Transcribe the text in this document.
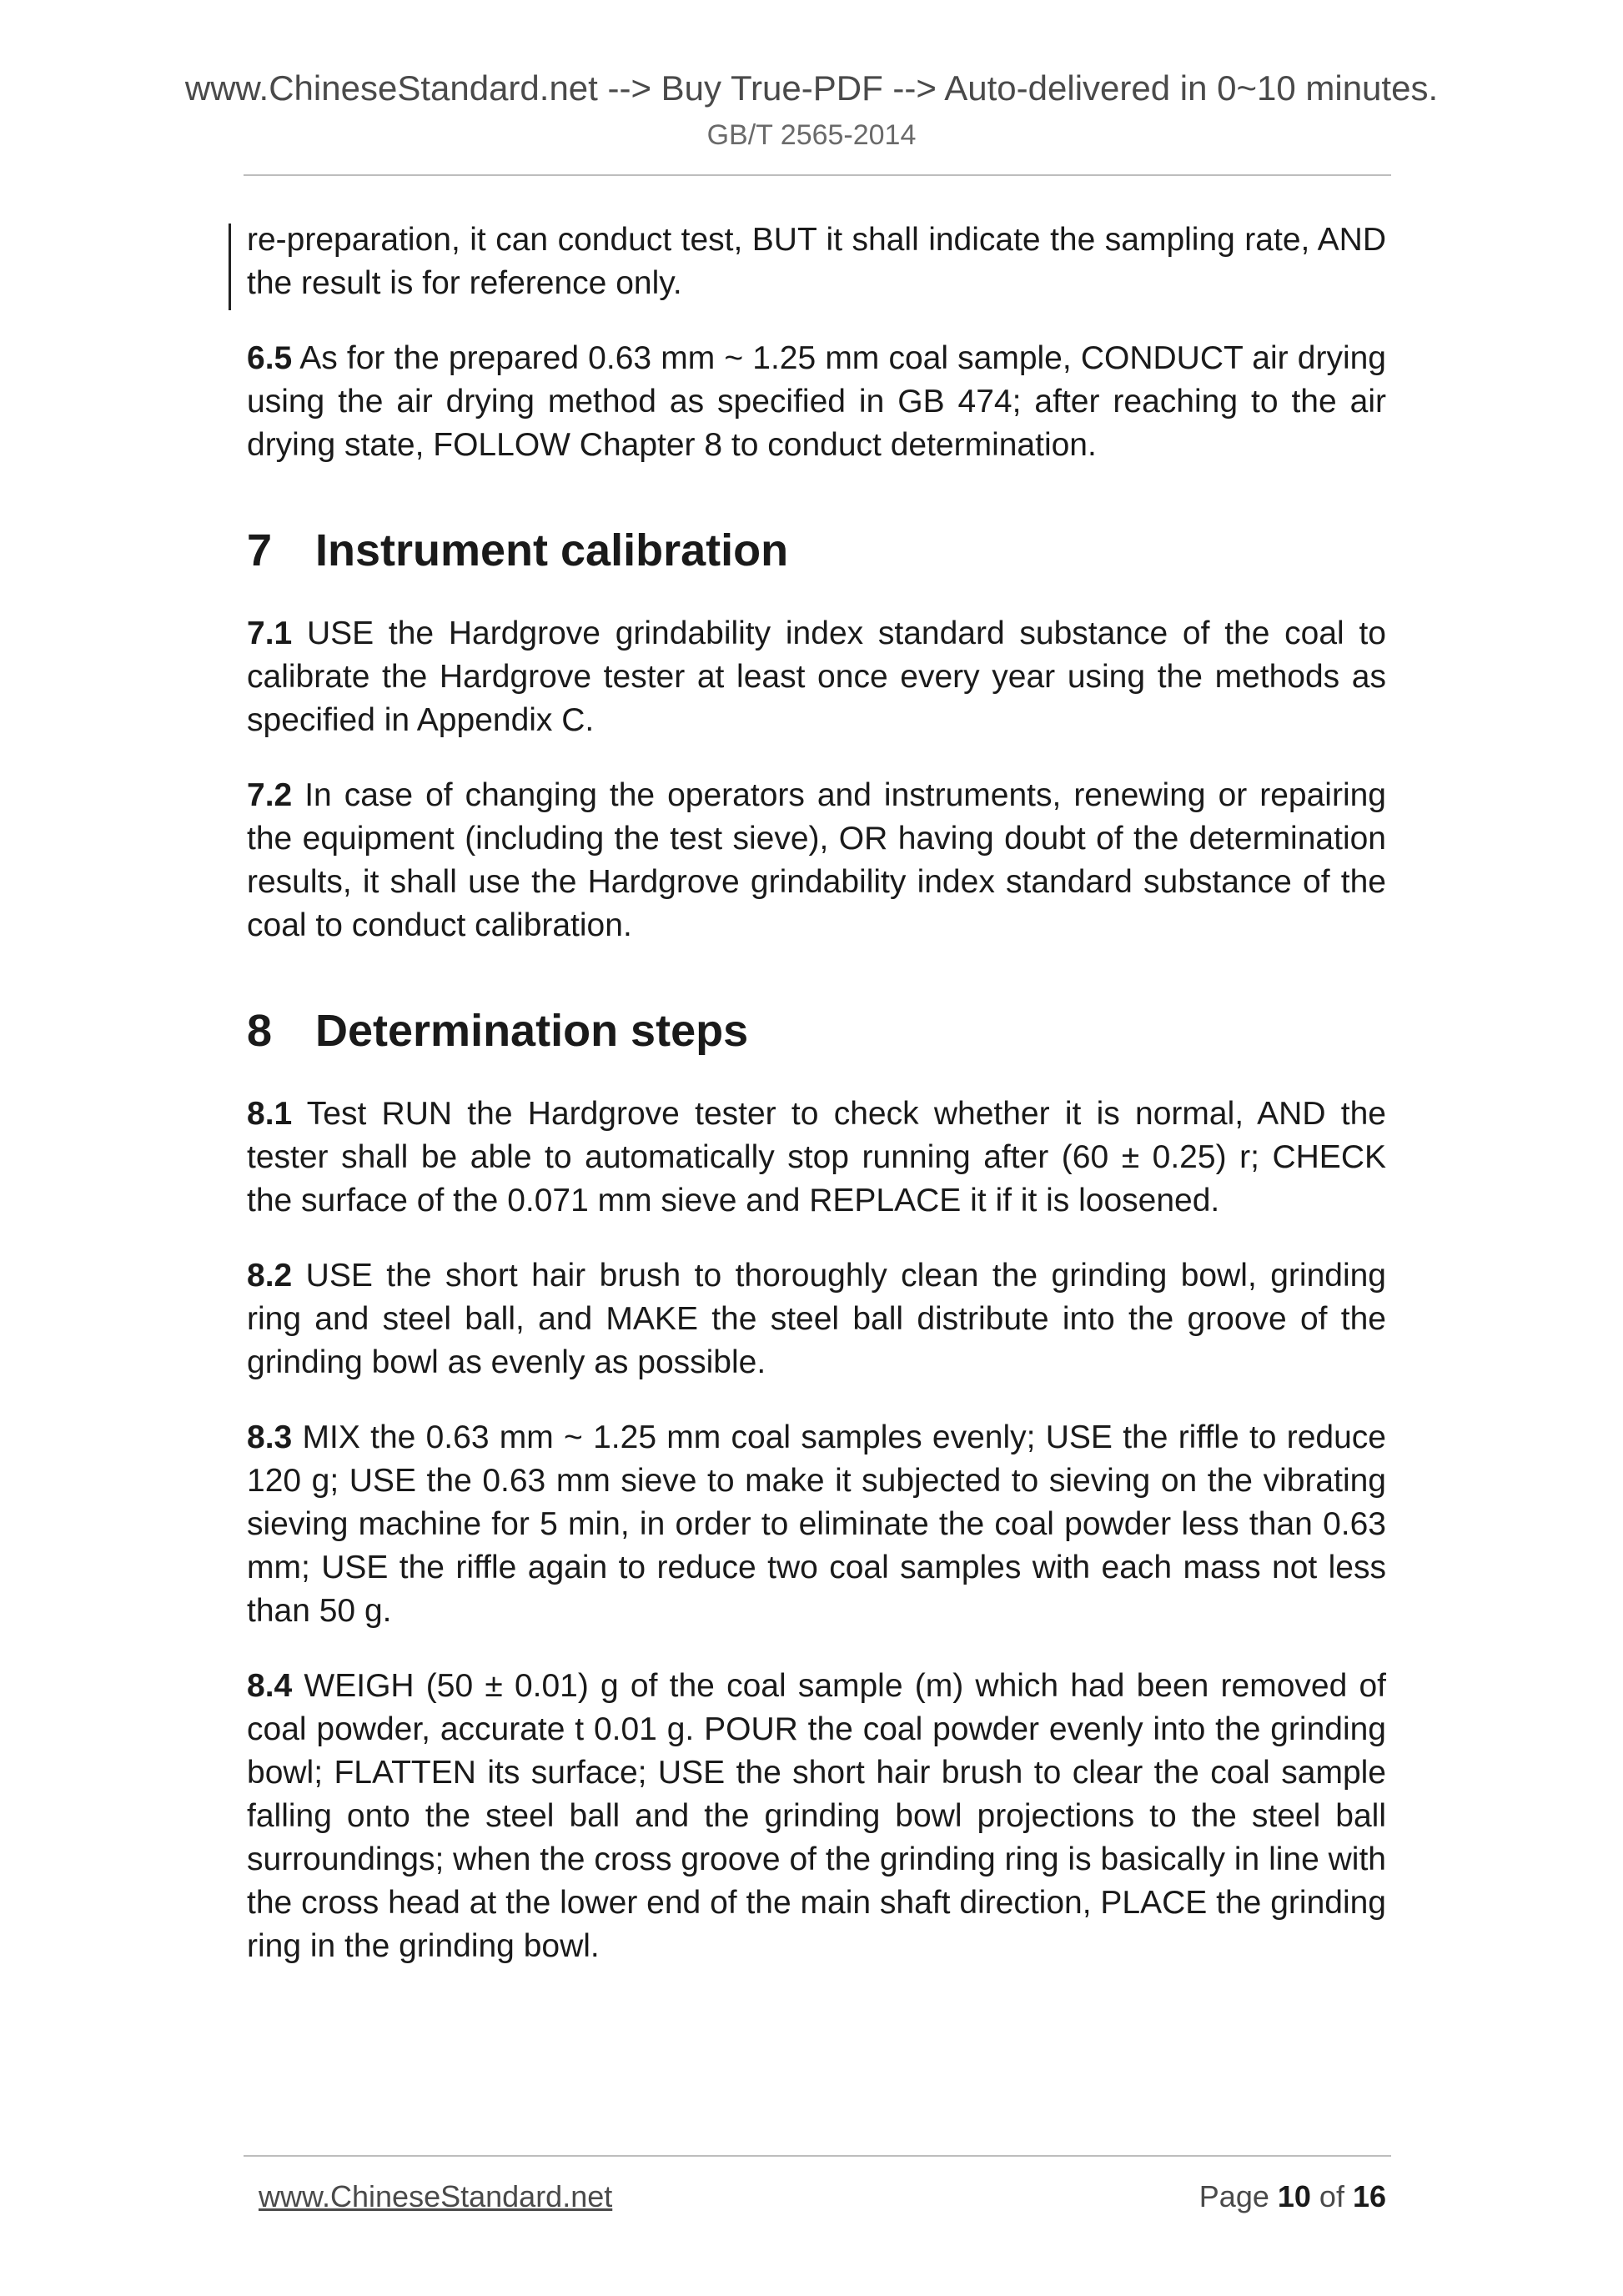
www.ChineseStandard.net --> Buy True-PDF --> Auto-delivered in 0~10 minutes.
GB/T 2565-2014

re-preparation, it can conduct test, BUT it shall indicate the sampling rate, AND the result is for reference only.

6.5 As for the prepared 0.63 mm ~ 1.25 mm coal sample, CONDUCT air drying using the air drying method as specified in GB 474; after reaching to the air drying state, FOLLOW Chapter 8 to conduct determination.

7 Instrument calibration

7.1 USE the Hardgrove grindability index standard substance of the coal to calibrate the Hardgrove tester at least once every year using the methods as specified in Appendix C.

7.2 In case of changing the operators and instruments, renewing or repairing the equipment (including the test sieve), OR having doubt of the determination results, it shall use the Hardgrove grindability index standard substance of the coal to conduct calibration.

8 Determination steps

8.1 Test RUN the Hardgrove tester to check whether it is normal, AND the tester shall be able to automatically stop running after (60 ± 0.25) r; CHECK the surface of the 0.071 mm sieve and REPLACE it if it is loosened.

8.2 USE the short hair brush to thoroughly clean the grinding bowl, grinding ring and steel ball, and MAKE the steel ball distribute into the groove of the grinding bowl as evenly as possible.

8.3 MIX the 0.63 mm ~ 1.25 mm coal samples evenly; USE the riffle to reduce 120 g; USE the 0.63 mm sieve to make it subjected to sieving on the vibrating sieving machine for 5 min, in order to eliminate the coal powder less than 0.63 mm; USE the riffle again to reduce two coal samples with each mass not less than 50 g.

8.4 WEIGH (50 ± 0.01) g of the coal sample (m) which had been removed of coal powder, accurate t 0.01 g. POUR the coal powder evenly into the grinding bowl; FLATTEN its surface; USE the short hair brush to clear the coal sample falling onto the steel ball and the grinding bowl projections to the steel ball surroundings; when the cross groove of the grinding ring is basically in line with the cross head at the lower end of the main shaft direction, PLACE the grinding ring in the grinding bowl.

www.ChineseStandard.net	Page 10 of 16
